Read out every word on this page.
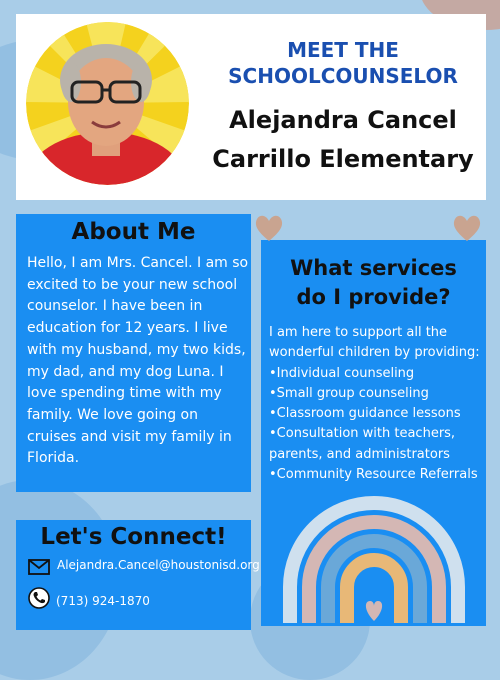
MEET THE
SCHOOLCOUNSELOR
Alejandra Cancel
Carrillo Elementary
About Me
Hello, I am Mrs. Cancel. I am so
excited to be your new school
counselor. I have been in
education for 12 years. I live
with my husband, my two kids,
my dad, and my dog Luna. I
love spending time with my
family. We love going on
cruises and visit my family in
Florida.
Let's Connect!
Alejandra.Cancel@houstonisd.org
(713) 924-1870
What services
do I provide?
I am here to support all the
wonderful children by providing:
•Individual counseling
•Small group counseling
•Classroom guidance lessons
•Consultation with teachers,
parents, and administrators
•Community Resource Referrals
